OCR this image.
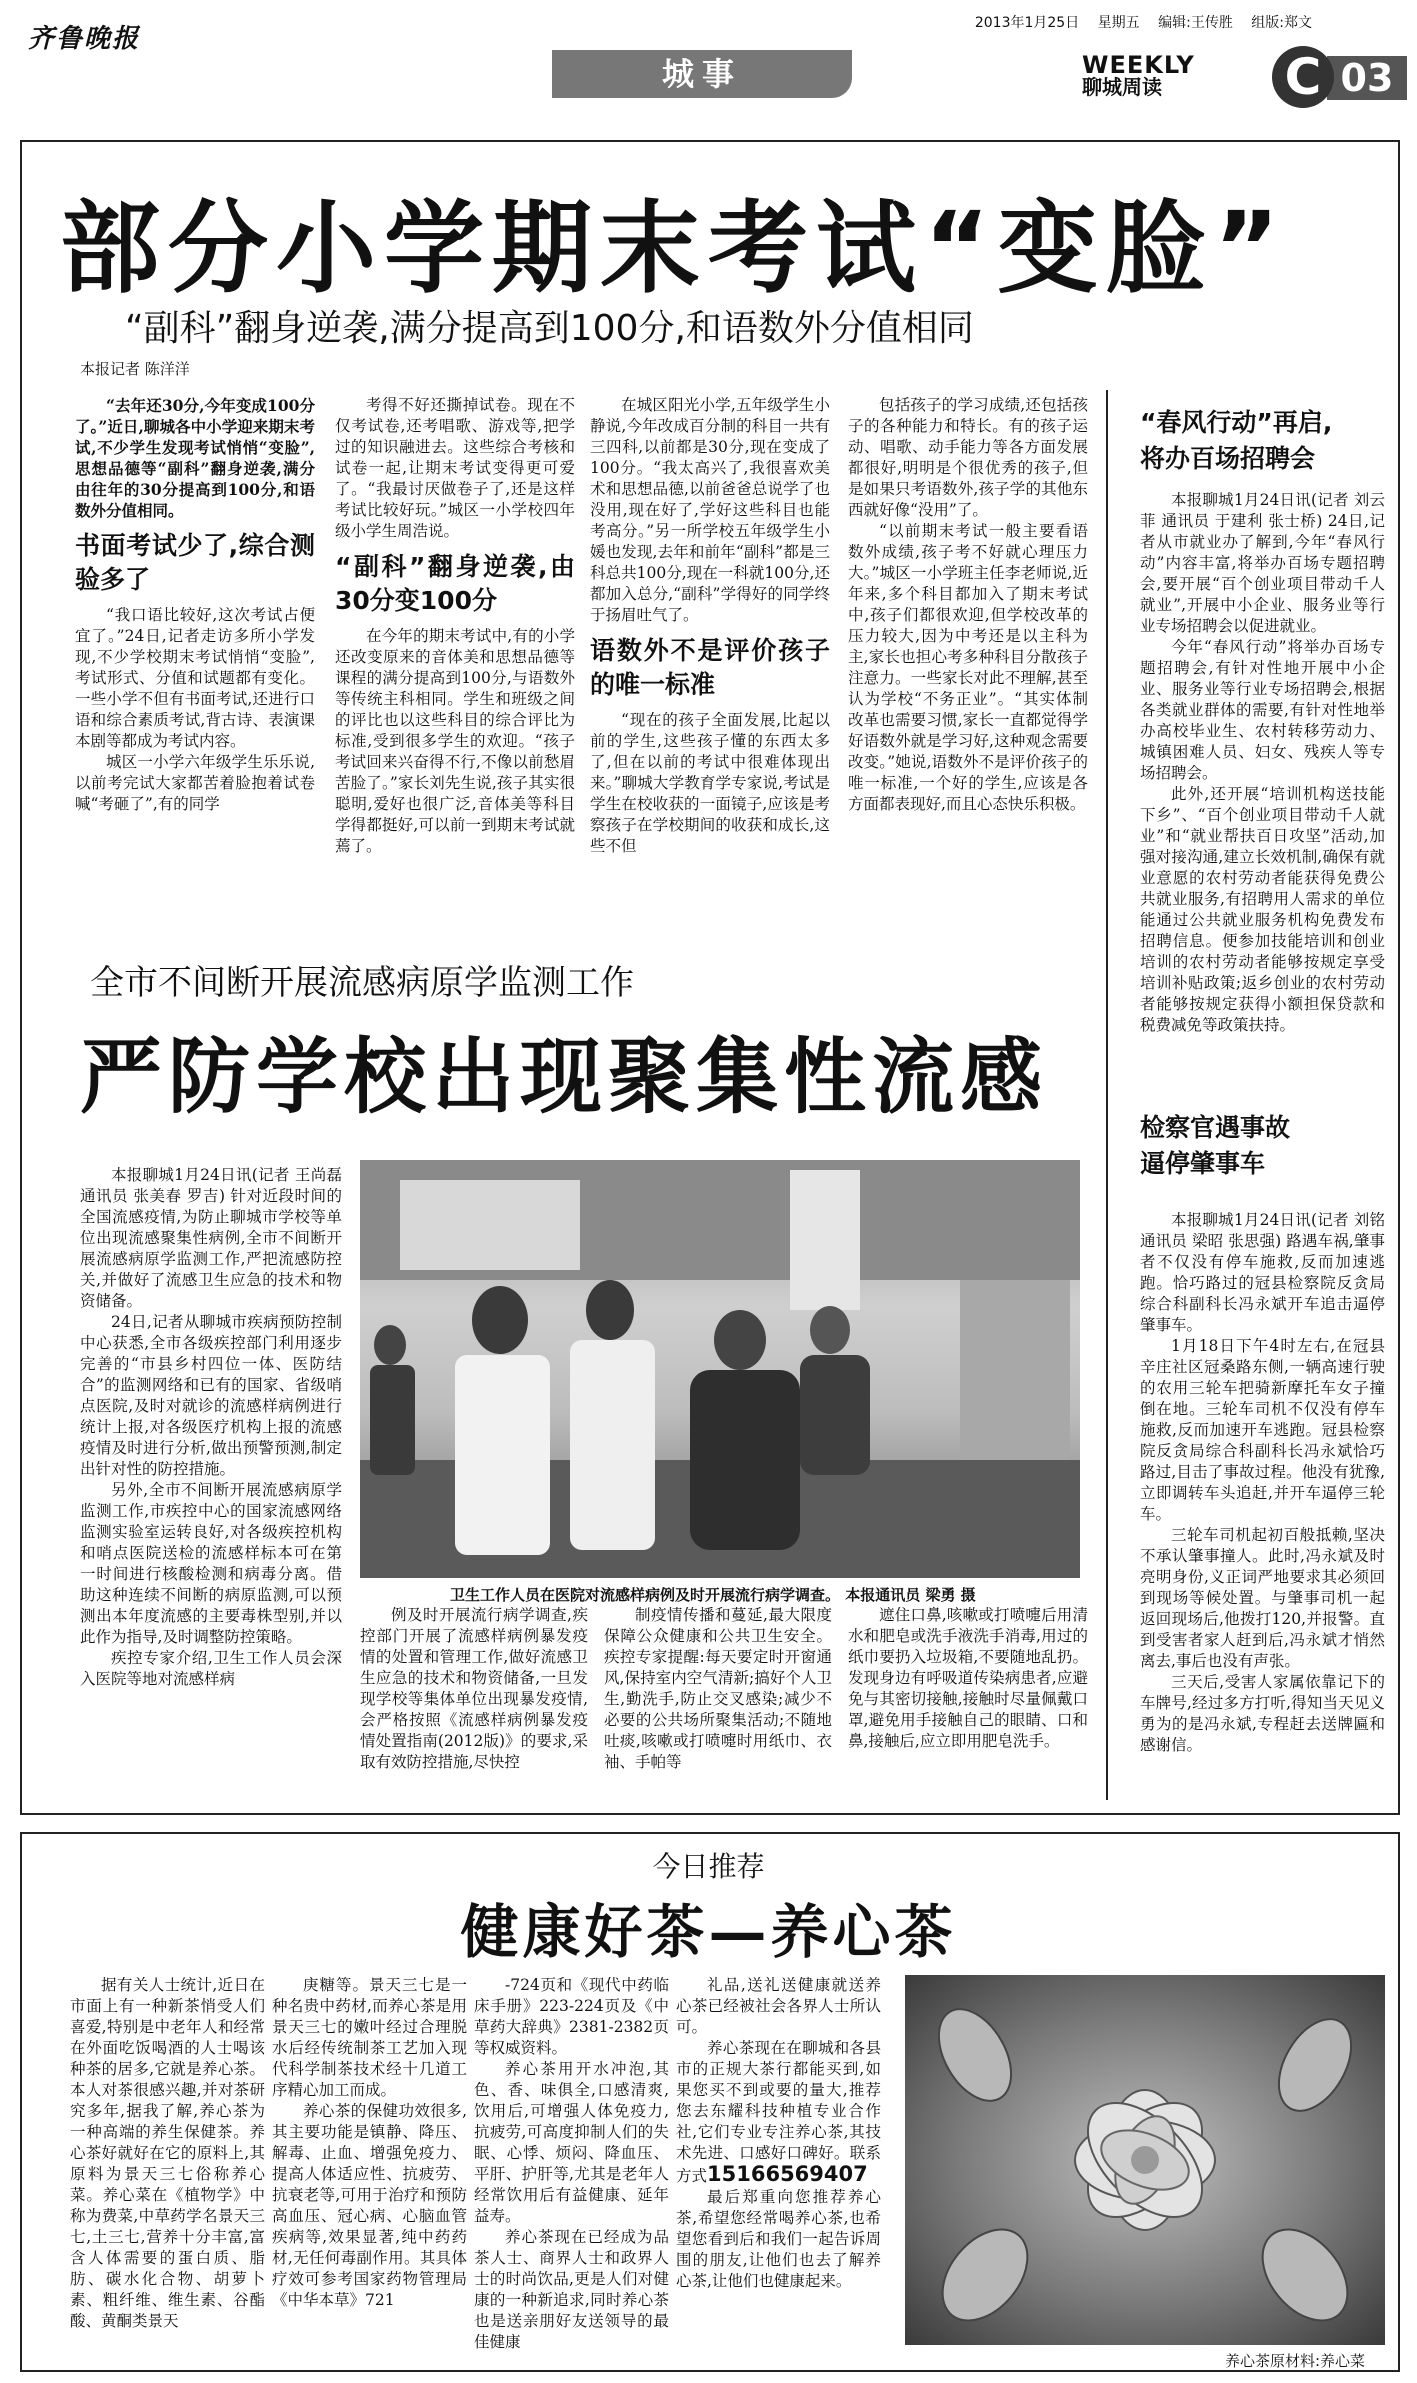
齐鲁晚报
2013年1月25日 星期五 编辑:王传胜 组版:郑文
城事	WEEKLY
聊城周读	03
C
部分小学期末考试“变脸”
“副科”翻身逆袭,满分提高到100分,和语数外分值相同
本报记者 陈洋洋

“去年还30分,今年变成100分了。”近日,聊城各中小学迎来期末考试,不少学生发现考试悄悄“变脸”,思想品德等“副科”翻身逆袭,满分由往年的30分提高到100分,和语数外分值相同。

书面考试少了,综合测验多了

“我口语比较好,这次考试占便宜了。”24日,记者走访多所小学发现,不少学校期末考试悄悄“变脸”,考试形式、分值和试题都有变化。一些小学不但有书面考试,还进行口语和综合素质考试,背古诗、表演课本剧等都成为考试内容。

城区一小学六年级学生乐乐说,以前考完试大家都苦着脸抱着试卷喊“考砸了”,有的同学

考得不好还撕掉试卷。现在不仅考试卷,还考唱歌、游戏等,把学过的知识融进去。这些综合考核和试卷一起,让期末考试变得更可爱了。“我最讨厌做卷子了,还是这样考试比较好玩。”城区一小学校四年级小学生周浩说。

“副科”翻身逆袭,由30分变100分

在今年的期末考试中,有的小学还改变原来的音体美和思想品德等课程的满分提高到100分,与语数外等传统主科相同。学生和班级之间的评比也以这些科目的综合评比为标准,受到很多学生的欢迎。“孩子考试回来兴奋得不行,不像以前愁眉苦脸了。”家长刘先生说,孩子其实很聪明,爱好也很广泛,音体美等科目学得都挺好,可以前一到期末考试就蔫了。

在城区阳光小学,五年级学生小静说,今年改成百分制的科目一共有三四科,以前都是30分,现在变成了100分。“我太高兴了,我很喜欢美术和思想品德,以前爸爸总说学了也没用,现在好了,学好这些科目也能考高分。”另一所学校五年级学生小媛也发现,去年和前年“副科”都是三科总共100分,现在一科就100分,还都加入总分,“副科”学得好的同学终于扬眉吐气了。

语数外不是评价孩子的唯一标准

“现在的孩子全面发展,比起以前的学生,这些孩子懂的东西太多了,但在以前的考试中很难体现出来。”聊城大学教育学专家说,考试是学生在校收获的一面镜子,应该是考察孩子在学校期间的收获和成长,这些不但

包括孩子的学习成绩,还包括孩子的各种能力和特长。有的孩子运动、唱歌、动手能力等各方面发展都很好,明明是个很优秀的孩子,但是如果只考语数外,孩子学的其他东西就好像“没用”了。

“以前期末考试一般主要看语数外成绩,孩子考不好就心理压力大。”城区一小学班主任李老师说,近年来,多个科目都加入了期末考试中,孩子们都很欢迎,但学校改革的压力较大,因为中考还是以主科为主,家长也担心考多种科目分散孩子注意力。一些家长对此不理解,甚至认为学校“不务正业”。“其实体制改革也需要习惯,家长一直都觉得学好语数外就是学习好,这种观念需要改变。”她说,语数外不是评价孩子的唯一标准,一个好的学生,应该是各方面都表现好,而且心态快乐积极。

“春风行动”再启,
将办百场招聘会

本报聊城1月24日讯(记者 刘云菲 通讯员 于建利 张士桥) 24日,记者从市就业办了解到,今年“春风行动”内容丰富,将举办百场专题招聘会,要开展“百个创业项目带动千人就业”,开展中小企业、服务业等行业专场招聘会以促进就业。

今年“春风行动”将举办百场专题招聘会,有针对性地开展中小企业、服务业等行业专场招聘会,根据各类就业群体的需要,有针对性地举办高校毕业生、农村转移劳动力、城镇困难人员、妇女、残疾人等专场招聘会。

此外,还开展“培训机构送技能下乡”、“百个创业项目带动千人就业”和“就业帮扶百日攻坚”活动,加强对接沟通,建立长效机制,确保有就业意愿的农村劳动者能获得免费公共就业服务,有招聘用人需求的单位能通过公共就业服务机构免费发布招聘信息。便参加技能培训和创业培训的农村劳动者能够按规定享受培训补贴政策;返乡创业的农村劳动者能够按规定获得小额担保贷款和税费减免等政策扶持。

检察官遇事故
逼停肇事车

本报聊城1月24日讯(记者 刘铭 通讯员 梁昭 张思强) 路遇车祸,肇事者不仅没有停车施救,反而加速逃跑。恰巧路过的冠县检察院反贪局综合科副科长冯永斌开车追击逼停肇事车。

1月18日下午4时左右,在冠县辛庄社区冠桑路东侧,一辆高速行驶的农用三轮车把骑新摩托车女子撞倒在地。三轮车司机不仅没有停车施救,反而加速开车逃跑。冠县检察院反贪局综合科副科长冯永斌恰巧路过,目击了事故过程。他没有犹豫,立即调转车头追赶,并开车逼停三轮车。

三轮车司机起初百般抵赖,坚决不承认肇事撞人。此时,冯永斌及时亮明身份,义正词严地要求其必须回到现场等候处置。与肇事司机一起返回现场后,他拨打120,并报警。直到受害者家人赶到后,冯永斌才悄然离去,事后也没有声张。

三天后,受害人家属依靠记下的车牌号,经过多方打听,得知当天见义勇为的是冯永斌,专程赶去送牌匾和感谢信。

全市不间断开展流感病原学监测工作
严防学校出现聚集性流感

本报聊城1月24日讯(记者 王尚磊 通讯员 张美春 罗吉) 针对近段时间的全国流感疫情,为防止聊城市学校等单位出现流感聚集性病例,全市不间断开展流感病原学监测工作,严把流感防控关,并做好了流感卫生应急的技术和物资储备。

24日,记者从聊城市疾病预防控制中心获悉,全市各级疾控部门利用逐步完善的“市县乡村四位一体、医防结合”的监测网络和已有的国家、省级哨点医院,及时对就诊的流感样病例进行统计上报,对各级医疗机构上报的流感疫情及时进行分析,做出预警预测,制定出针对性的防控措施。

另外,全市不间断开展流感病原学监测工作,市疾控中心的国家流感网络监测实验室运转良好,对各级疾控机构和哨点医院送检的流感样标本可在第一时间进行核酸检测和病毒分离。借助这种连续不间断的病原监测,可以预测出本年度流感的主要毒株型别,并以此作为指导,及时调整防控策略。

疾控专家介绍,卫生工作人员会深入医院等地对流感样病

卫生工作人员在医院对流感样病例及时开展流行病学调查。 本报通讯员 梁勇 摄

例及时开展流行病学调查,疾控部门开展了流感样病例暴发疫情的处置和管理工作,做好流感卫生应急的技术和物资储备,一旦发现学校等集体单位出现暴发疫情,会严格按照《流感样病例暴发疫情处置指南(2012版)》的要求,采取有效防控措施,尽快控

制疫情传播和蔓延,最大限度保障公众健康和公共卫生安全。疾控专家提醒:每天要定时开窗通风,保持室内空气清新;搞好个人卫生,勤洗手,防止交叉感染;减少不必要的公共场所聚集活动;不随地吐痰,咳嗽或打喷嚏时用纸巾、衣袖、手帕等

遮住口鼻,咳嗽或打喷嚏后用清水和肥皂或洗手液洗手消毒,用过的纸巾要扔入垃圾箱,不要随地乱扔。发现身边有呼吸道传染病患者,应避免与其密切接触,接触时尽量佩戴口罩,避免用手接触自己的眼睛、口和鼻,接触后,应立即用肥皂洗手。

今日推荐
健康好茶—养心茶

据有关人士统计,近日在市面上有一种新茶悄受人们喜爱,特别是中老年人和经常在外面吃饭喝酒的人士喝该种茶的居多,它就是养心茶。本人对茶很感兴趣,并对茶研究多年,据我了解,养心茶为一种高端的养生保健茶。养心茶好就好在它的原料上,其原料为景天三七俗称养心菜。养心菜在《植物学》中称为费菜,中草药学名景天三七,土三七,营养十分丰富,富含人体需要的蛋白质、脂肪、碳水化合物、胡萝卜素、粗纤维、维生素、谷酯酸、黄酮类景天

庚糖等。景天三七是一种名贵中药材,而养心茶是用景天三七的嫩叶经过合理脱水后经传统制茶工艺加入现代科学制茶技术经十几道工序精心加工而成。

养心茶的保健功效很多,其主要功能是镇静、降压、解毒、止血、增强免疫力、提高人体适应性、抗疲劳、抗衰老等,可用于治疗和预防高血压、冠心病、心脑血管疾病等,效果显著,纯中药药材,无任何毒副作用。其具体疗效可参考国家药物管理局《中华本草》721

-724页和《现代中药临床手册》223-224页及《中草药大辞典》2381-2382页等权威资料。

养心茶用开水冲泡,其色、香、味俱全,口感清爽,饮用后,可增强人体免疫力,抗疲劳,可高度抑制人们的失眠、心悸、烦闷、降血压、平肝、护肝等,尤其是老年人经常饮用后有益健康、延年益寿。

养心茶现在已经成为品茶人士、商界人士和政界人士的时尚饮品,更是人们对健康的一种新追求,同时养心茶也是送亲朋好友送领导的最佳健康

礼品,送礼送健康就送养心茶已经被社会各界人士所认可。

养心茶现在在聊城和各县市的正规大茶行都能买到,如果您买不到或要的量大,推荐您去东耀科技种植专业合作社,它们专业专注养心茶,其技术先进、口感好口碑好。联系方式15166569407

最后郑重向您推荐养心茶,希望您经常喝养心茶,也希望您看到后和我们一起告诉周围的朋友,让他们也去了解养心茶,让他们也健康起来。

养心茶原材料:养心菜
